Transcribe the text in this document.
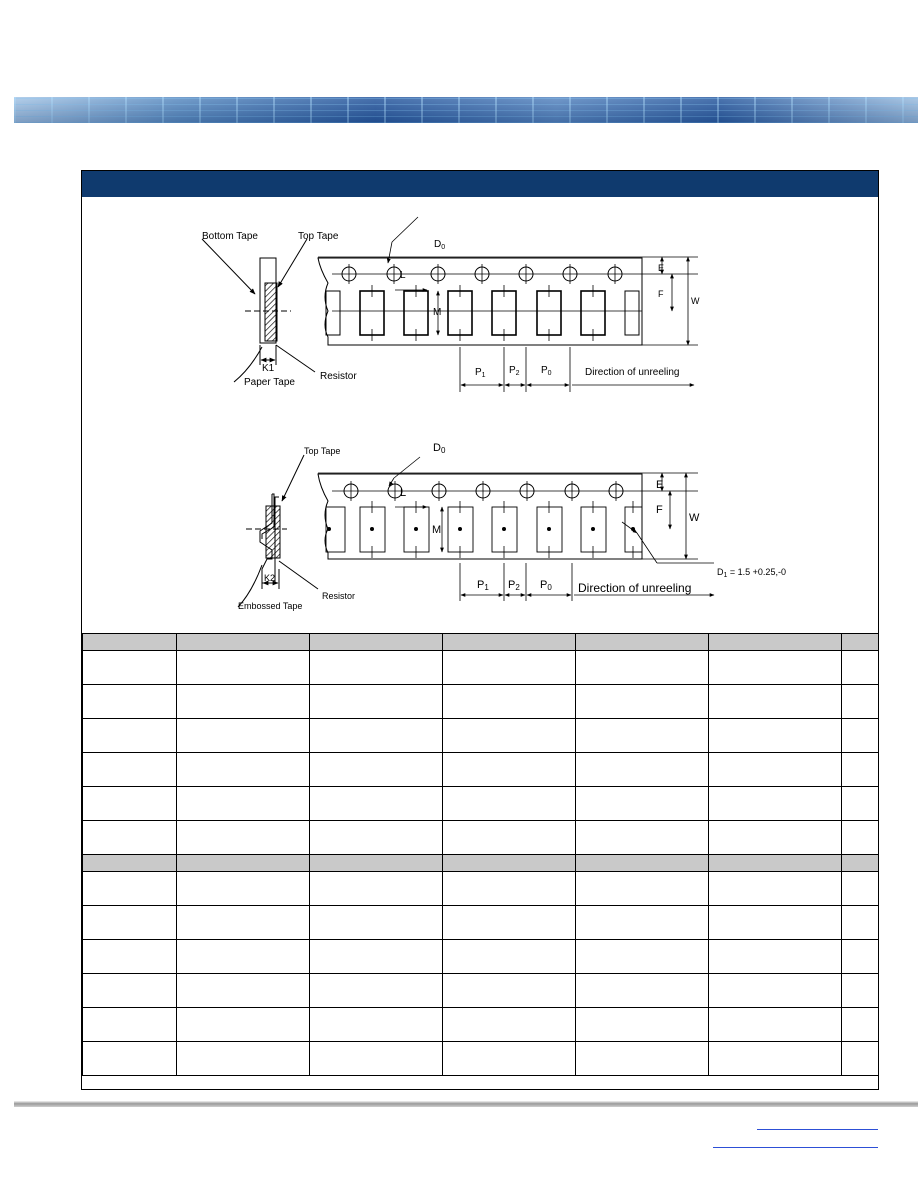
Bottom Tape	Top Tape
$D_0$
L
M
E
F
W
K1
Paper Tape
Resistor	$P_1$ $P_2$ $P_0$	Direction of unreeling
Top Tape	D0
L
M
E
F
W
K2
Embossed Tape
Resistor
$D_1 = 1.5 +0.25,-0$
P1 P2 P0 Direction of unreeling
